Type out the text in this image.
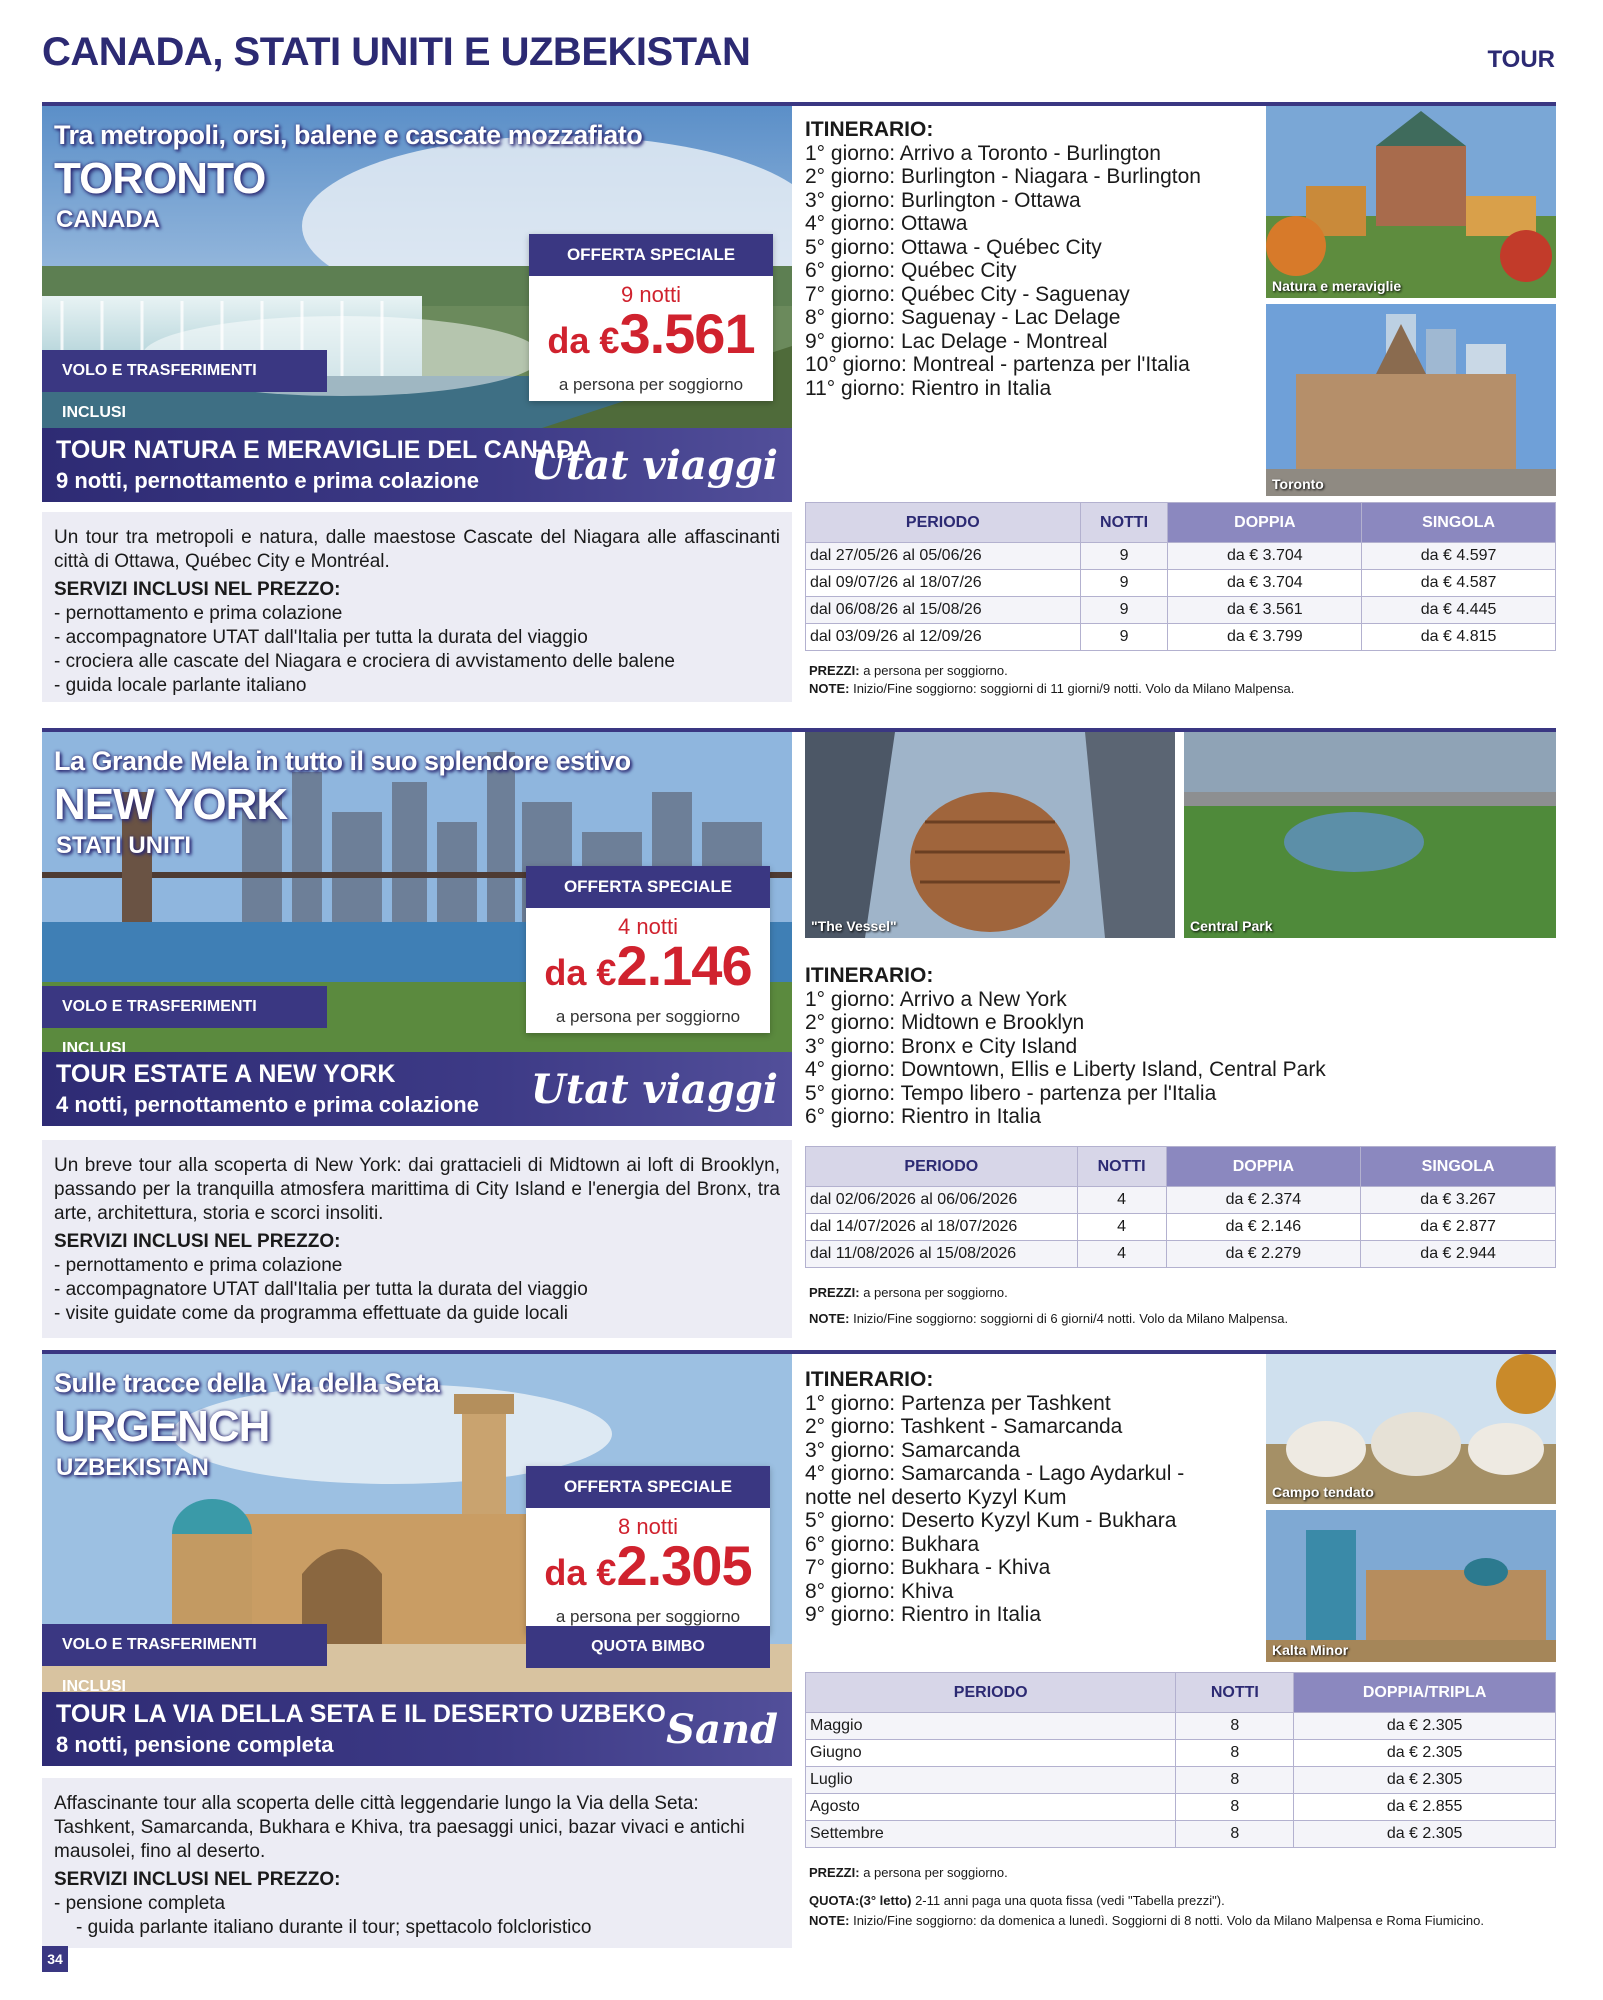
CANADA, STATI UNITI E UZBEKISTAN	TOUR
Tra metropoli, orsi, balene e cascate mozzafiato
TORONTO
CANADA
OFFERTA SPECIALE
9 notti
da €3.561
a persona per soggiorno
VOLO E TRASFERIMENTI INCLUSI
TOUR NATURA E MERAVIGLIE DEL CANADA
9 notti, pernottamento e prima colazione Utat viaggi
Un tour tra metropoli e natura, dalle maestose Cascate del Niagara alle affascinanti città di Ottawa, Québec City e Montréal.
SERVIZI INCLUSI NEL PREZZO:
- pernottamento e prima colazione
- accompagnatore UTAT dall'Italia per tutta la durata del viaggio
- crociera alle cascate del Niagara e crociera di avvistamento delle balene
- guida locale parlante italiano
ITINERARIO:
1° giorno: Arrivo a Toronto - Burlington
2° giorno: Burlington - Niagara - Burlington
3° giorno: Burlington - Ottawa
4° giorno: Ottawa
5° giorno: Ottawa - Québec City
6° giorno: Québec City
7° giorno: Québec City - Saguenay
8° giorno: Saguenay - Lac Delage
9° giorno: Lac Delage - Montreal
10° giorno: Montreal - partenza per l'Italia
11° giorno: Rientro in Italia
Natura e meraviglie
Toronto
PERIODO	NOTTI	DOPPIA	SINGOLA
dal 27/05/26 al 05/06/26	9	da € 3.704	da € 4.597
dal 09/07/26 al 18/07/26	9	da € 3.704	da € 4.587
dal 06/08/26 al 15/08/26	9	da € 3.561	da € 4.445
dal 03/09/26 al 12/09/26	9	da € 3.799	da € 4.815
PREZZI: a persona per soggiorno.
NOTE: Inizio/Fine soggiorno: soggiorni di 11 giorni/9 notti. Volo da Milano Malpensa.
La Grande Mela in tutto il suo splendore estivo
NEW YORK
STATI UNITI
OFFERTA SPECIALE
4 notti
da €2.146
a persona per soggiorno
VOLO E TRASFERIMENTI INCLUSI
TOUR ESTATE A NEW YORK
4 notti, pernottamento e prima colazione Utat viaggi
Un breve tour alla scoperta di New York: dai grattacieli di Midtown ai loft di Brooklyn, passando per la tranquilla atmosfera marittima di City Island e l'energia del Bronx, tra arte, architettura, storia e scorci insoliti.
SERVIZI INCLUSI NEL PREZZO:
- pernottamento e prima colazione
- accompagnatore UTAT dall'Italia per tutta la durata del viaggio
- visite guidate come da programma effettuate da guide locali
"The Vessel"	Central Park
ITINERARIO:
1° giorno: Arrivo a New York
2° giorno: Midtown e Brooklyn
3° giorno: Bronx e City Island
4° giorno: Downtown, Ellis e Liberty Island, Central Park
5° giorno: Tempo libero - partenza per l'Italia
6° giorno: Rientro in Italia
PERIODO	NOTTI	DOPPIA	SINGOLA
dal 02/06/2026 al 06/06/2026	4	da € 2.374	da € 3.267
dal 14/07/2026 al 18/07/2026	4	da € 2.146	da € 2.877
dal 11/08/2026 al 15/08/2026	4	da € 2.279	da € 2.944
PREZZI: a persona per soggiorno.
NOTE: Inizio/Fine soggiorno: soggiorni di 6 giorni/4 notti. Volo da Milano Malpensa.
Sulle tracce della Via della Seta
URGENCH
UZBEKISTAN
OFFERTA SPECIALE
8 notti
da €2.305
a persona per soggiorno
VOLO E TRASFERIMENTI INCLUSI
QUOTA BIMBO
TOUR LA VIA DELLA SETA E IL DESERTO UZBEKO
8 notti, pensione completa	Sand
Affascinante tour alla scoperta delle città leggendarie lungo la Via della Seta: Tashkent, Samarcanda, Bukhara e Khiva, tra paesaggi unici, bazar vivaci e antichi mausolei, fino al deserto.
SERVIZI INCLUSI NEL PREZZO:
- pensione completa
- guida parlante italiano durante il tour; spettacolo folcloristico
ITINERARIO:
1° giorno: Partenza per Tashkent
2° giorno: Tashkent - Samarcanda
3° giorno: Samarcanda
4° giorno: Samarcanda - Lago Aydarkul -
notte nel deserto Kyzyl Kum
5° giorno: Deserto Kyzyl Kum - Bukhara
6° giorno: Bukhara
7° giorno: Bukhara - Khiva
8° giorno: Khiva
9° giorno: Rientro in Italia
Campo tendato
Kalta Minor
PERIODO	NOTTI	DOPPIA/TRIPLA
Maggio	8	da € 2.305
Giugno	8	da € 2.305
Luglio	8	da € 2.305
Agosto	8	da € 2.855
Settembre	8	da € 2.305
PREZZI: a persona per soggiorno.
QUOTA:(3° letto) 2-11 anni paga una quota fissa (vedi "Tabella prezzi").
NOTE: Inizio/Fine soggiorno: da domenica a lunedì. Soggiorni di 8 notti. Volo da Milano Malpensa e Roma Fiumicino.
34
